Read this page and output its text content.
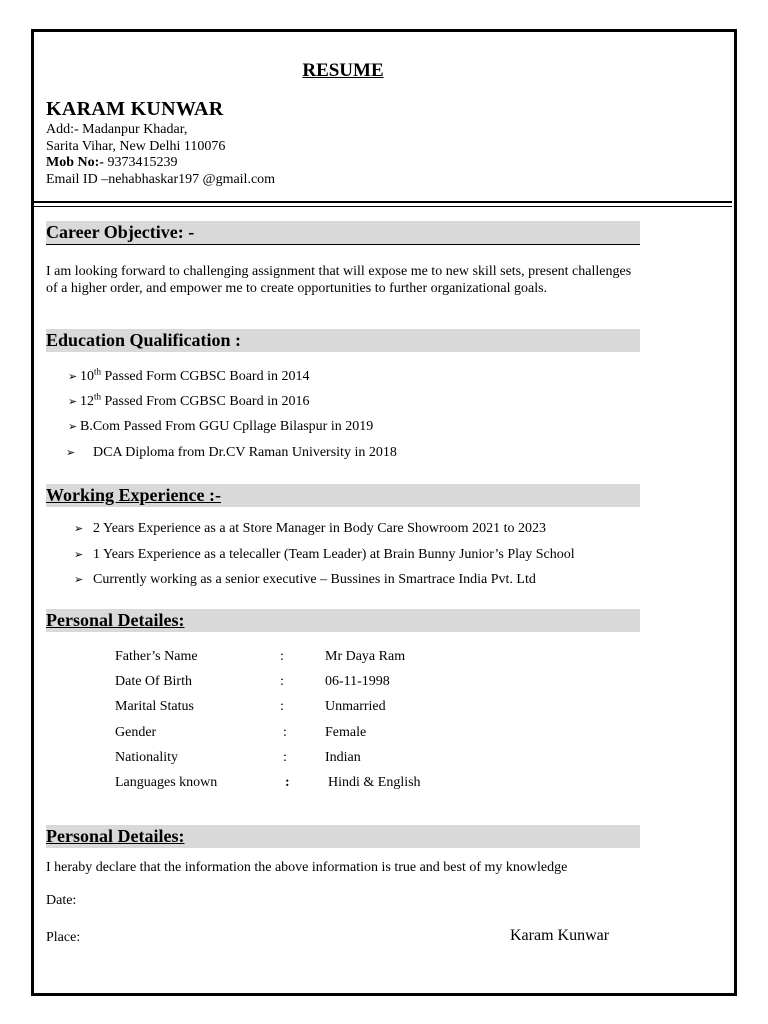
RESUME
KARAM KUNWAR
Add:- Madanpur Khadar,
Sarita Vihar, New Delhi 110076
Mob No:- 9373415239
Email ID –nehabhaskar197 @gmail.com
Career Objective: -
I am looking forward to challenging assignment that will expose me to new skill sets, present challenges of a higher order, and empower me to create opportunities to further organizational goals.
Education Qualification :
➢ 10th Passed Form CGBSC Board in 2014
➢ 12th Passed From CGBSC Board in 2016
➢ B.Com Passed From GGU Cpllage Bilaspur in 2019
➢ DCA Diploma from Dr.CV Raman University in 2018
Working Experience :-
➢ 2 Years Experience as a at Store Manager in Body Care Showroom 2021 to 2023
➢ 1 Years Experience as a telecaller (Team Leader) at Brain Bunny Junior’s Play School
➢ Currently working as a senior executive – Bussines in Smartrace India Pvt. Ltd
Personal Detailes:
Father’s Name	:	Mr Daya Ram
Date Of Birth	:	06-11-1998
Marital Status	:	Unmarried
Gender	:	Female
Nationality	:	Indian
Languages known	:	Hindi & English
Personal Detailes:
I heraby declare that the information the above information is true and best of my knowledge
Date:
Place:	Karam Kunwar
